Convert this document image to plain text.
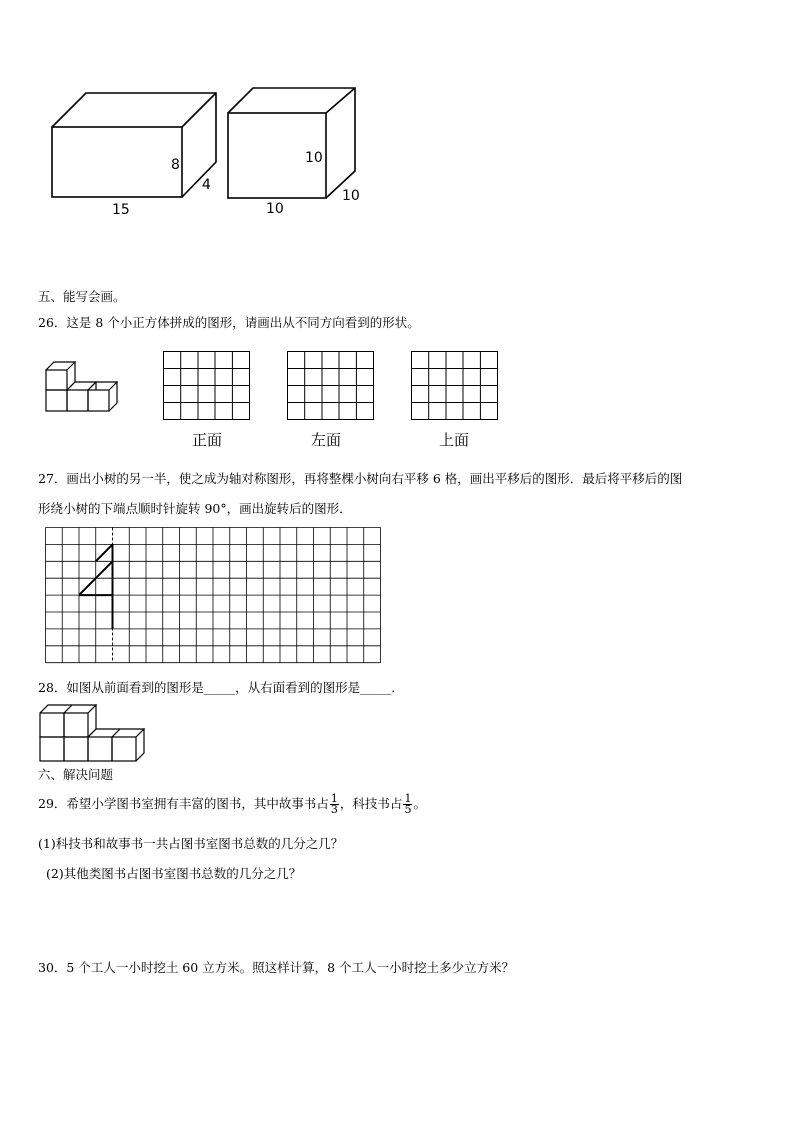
8
4
15
10
10
10
五、能写会画。
26．这是 8 个小正方体拼成的图形，请画出从不同方向看到的形状。
正面	左面	上面
27．画出小树的另一半，使之成为轴对称图形，再将整棵小树向右平移 6 格，画出平移后的图形．最后将平移后的图
形绕小树的下端点顺时针旋转 90°，画出旋转后的图形．
28．如图从前面看到的图形是_____，从右面看到的图形是_____．
六、解决问题
29．希望小学图书室拥有丰富的图书，其中故事书占 $\frac{1}{3}$ ，科技书占 $\frac{1}{5}$ 。
(1)科技书和故事书一共占图书室图书总数的几分之几？
(2)其他类图书占图书室图书总数的几分之几？
30．5 个工人一小时挖土 60 立方米。照这样计算，8 个工人一小时挖土多少立方米？
